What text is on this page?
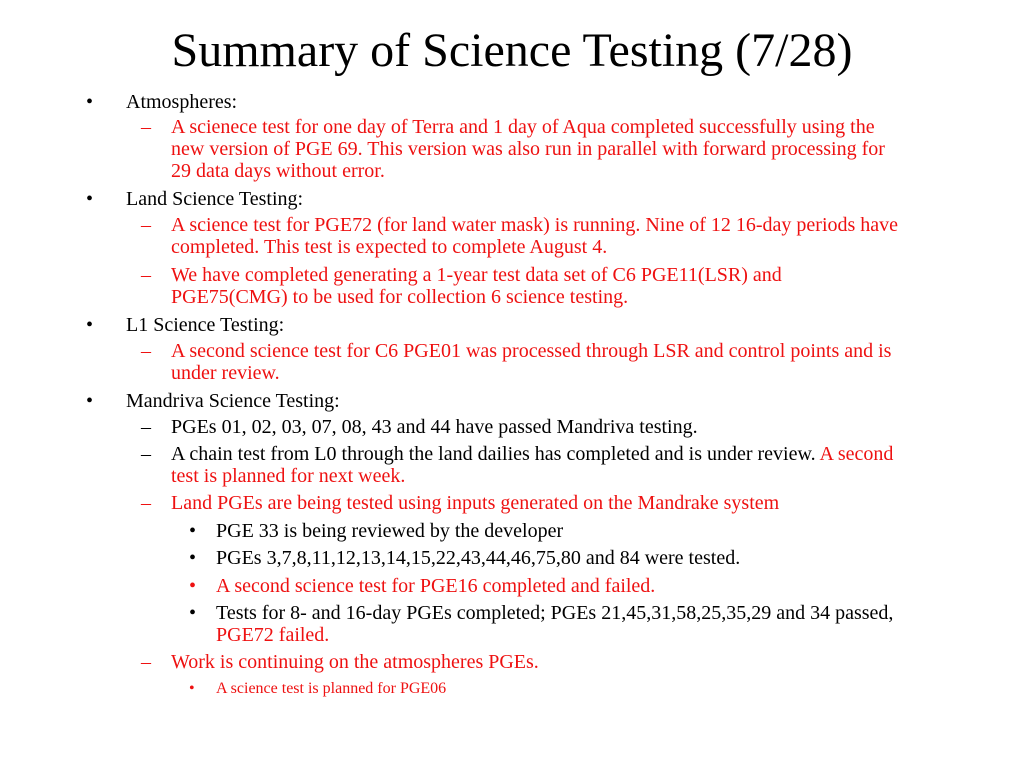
Summary of Science Testing (7/28)
• Atmospheres:
– A scienece test for one day of Terra and 1 day of Aqua completed successfully using the new version of PGE 69. This version was also run in parallel with forward processing for 29 data days without error.
• Land Science Testing:
– A science test for PGE72 (for land water mask) is running. Nine of 12 16-day periods have completed. This test is expected to complete August 4.
– We have completed generating a 1-year test data set of C6 PGE11(LSR) and PGE75(CMG) to be used for collection 6 science testing.
• L1 Science Testing:
– A second science test for C6 PGE01 was processed through LSR and control points and is under review.
• Mandriva Science Testing:
– PGEs 01, 02, 03, 07, 08, 43 and 44 have passed Mandriva testing.
– A chain test from L0 through the land dailies has completed and is under review. A second test is planned for next week.
– Land PGEs are being tested using inputs generated on the Mandrake system
• PGE 33 is being reviewed by the developer
• PGEs 3,7,8,11,12,13,14,15,22,43,44,46,75,80 and 84 were tested.
• A second science test for PGE16 completed and failed.
• Tests for 8- and 16-day PGEs completed; PGEs 21,45,31,58,25,35,29 and 34 passed, PGE72 failed.
– Work is continuing on the atmospheres PGEs.
• A science test is planned for PGE06
